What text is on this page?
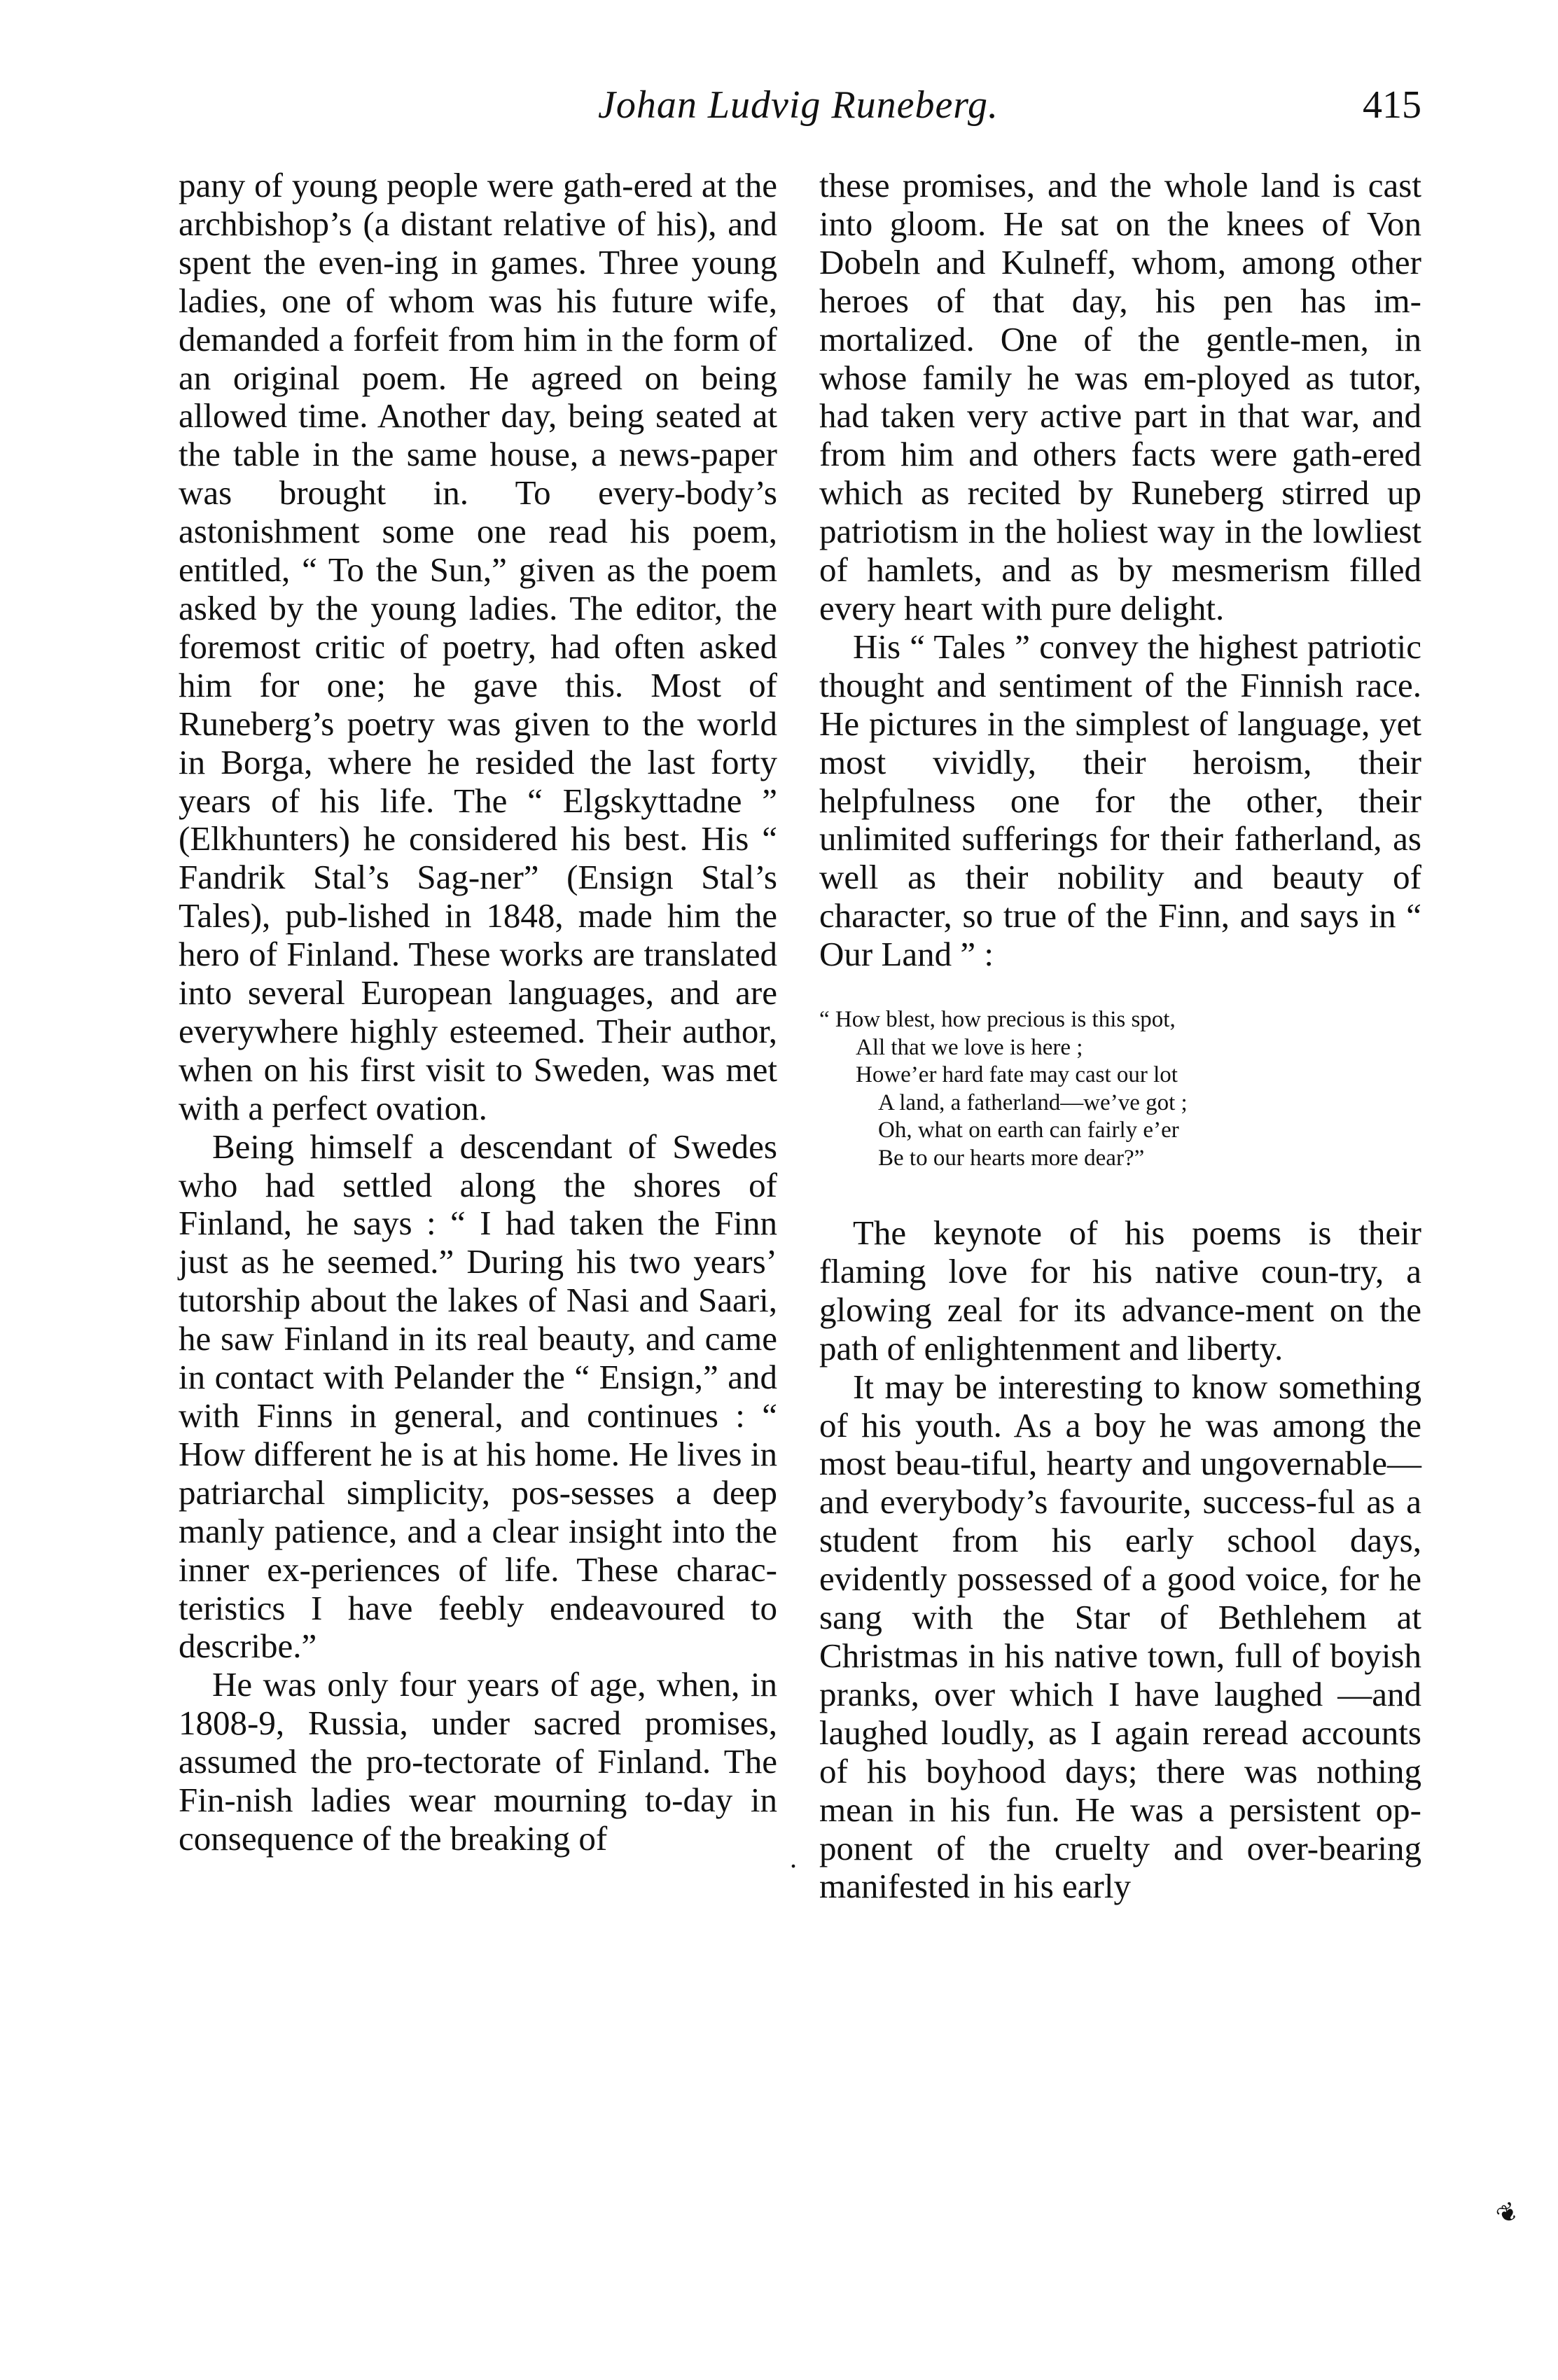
Johan Ludvig Runeberg.	415

pany of young people were gath-ered at the archbishop’s (a distant relative of his), and spent the even-ing in games. Three young ladies, one of whom was his future wife, demanded a forfeit from him in the form of an original poem. He agreed on being allowed time. Another day, being seated at the table in the same house, a news-paper was brought in. To every-body’s astonishment some one read his poem, entitled, “ To the Sun,” given as the poem asked by the young ladies. The editor, the foremost critic of poetry, had often asked him for one; he gave this. Most of Runeberg’s poetry was given to the world in Borga, where he resided the last forty years of his life. The “ Elgskyttadne ” (Elkhunters) he considered his best. His “ Fandrik Stal’s Sag-ner” (Ensign Stal’s Tales), pub-lished in 1848, made him the hero of Finland. These works are translated into several European languages, and are everywhere highly esteemed. Their author, when on his first visit to Sweden, was met with a perfect ovation.

Being himself a descendant of Swedes who had settled along the shores of Finland, he says : “ I had taken the Finn just as he seemed.” During his two years’ tutorship about the lakes of Nasi and Saari, he saw Finland in its real beauty, and came in contact with Pelander the “ Ensign,” and with Finns in general, and continues : “ How different he is at his home. He lives in patriarchal simplicity, pos-sesses a deep manly patience, and a clear insight into the inner ex-periences of life. These charac-teristics I have feebly endeavoured to describe.”

He was only four years of age, when, in 1808-9, Russia, under sacred promises, assumed the pro-tectorate of Finland. The Fin-nish ladies wear mourning to-day in consequence of the breaking of

these promises, and the whole land is cast into gloom. He sat on the knees of Von Dobeln and Kulneff, whom, among other heroes of that day, his pen has im-mortalized. One of the gentle-men, in whose family he was em-ployed as tutor, had taken very active part in that war, and from him and others facts were gath-ered which as recited by Runeberg stirred up patriotism in the holiest way in the lowliest of hamlets, and as by mesmerism filled every heart with pure delight.

His “ Tales ” convey the highest patriotic thought and sentiment of the Finnish race. He pictures in the simplest of language, yet most vividly, their heroism, their helpfulness one for the other, their unlimited sufferings for their fatherland, as well as their nobility and beauty of character, so true of the Finn, and says in “ Our Land ” :

“ How blest, how precious is this spot,
All that we love is here ;
Howe’er hard fate may cast our lot
A land, a fatherland—we’ve got ;
Oh, what on earth can fairly e’er
Be to our hearts more dear?”

The keynote of his poems is their flaming love for his native coun-try, a glowing zeal for its advance-ment on the path of enlightenment and liberty.

It may be interesting to know something of his youth. As a boy he was among the most beau-tiful, hearty and ungovernable— and everybody’s favourite, success-ful as a student from his early school days, evidently possessed of a good voice, for he sang with the Star of Bethlehem at Christmas in his native town, full of boyish pranks, over which I have laughed —and laughed loudly, as I again reread accounts of his boyhood days; there was nothing mean in his fun. He was a persistent op-ponent of the cruelty and over-bearing manifested in his early

.
❦
